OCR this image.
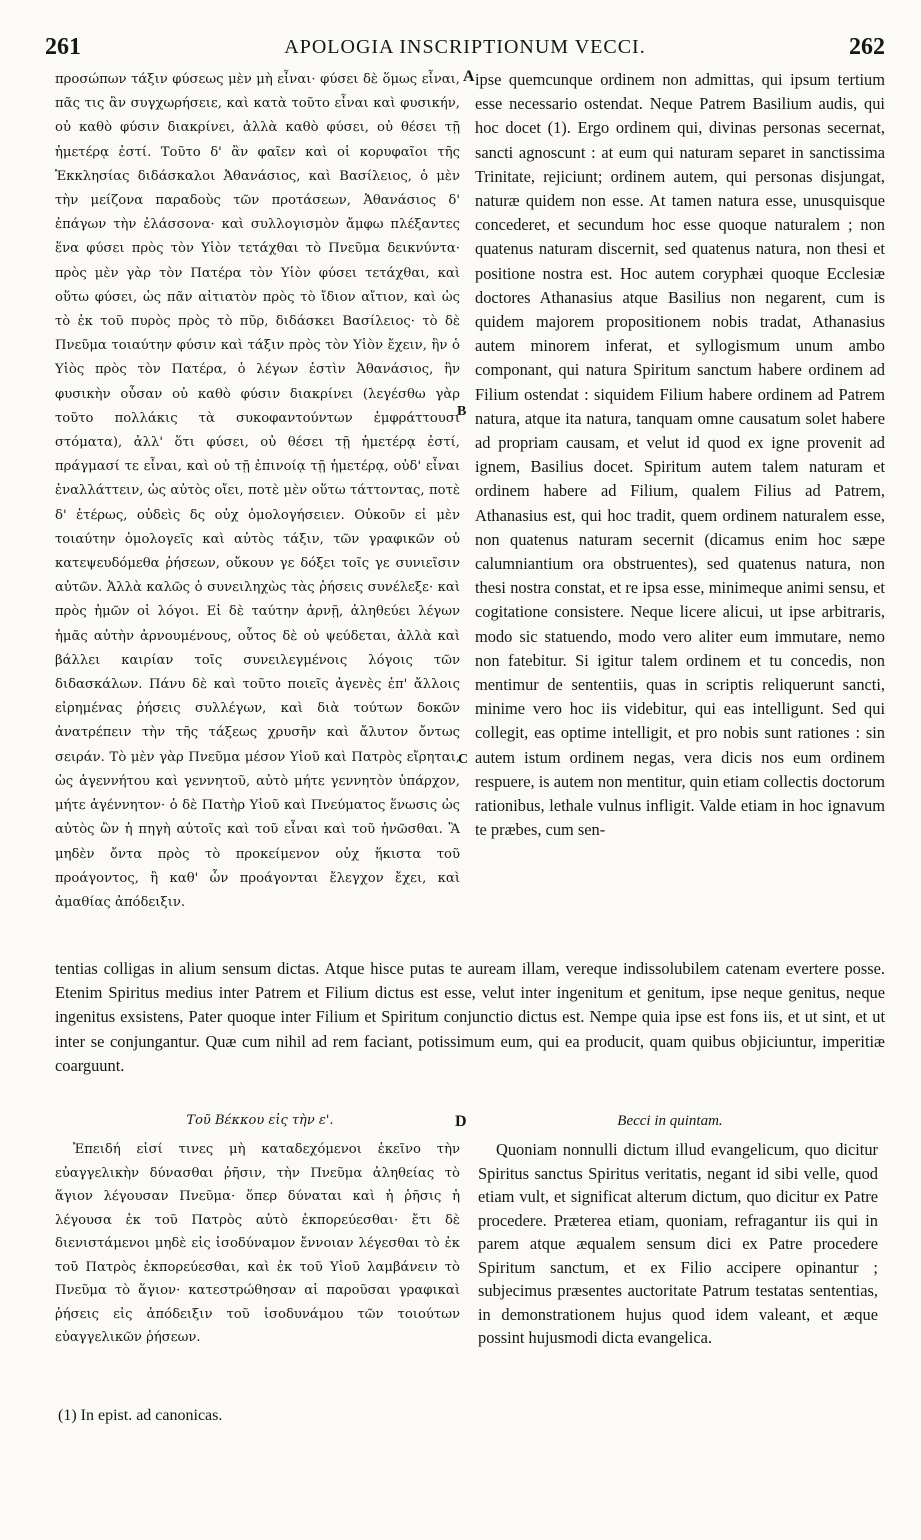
261	APOLOGIA INSCRIPTIONUM VECCI.	262
A
B
C
D

προσώπων τάξιν φύσεως μὲν μὴ εἶναι· φύσει δὲ ὅμως εἶναι, πᾶς τις ἂν συγχωρήσειε, καὶ κατὰ τοῦτο εἶναι καὶ φυσικήν, οὐ καθὸ φύσιν διακρίνει, ἀλλὰ καθὸ φύσει, οὐ θέσει τῇ ἡμετέρᾳ ἐστί. Τοῦτο δ' ἂν φαῖεν καὶ οἱ κορυφαῖοι τῆς Ἐκκλησίας διδάσκαλοι Ἀθανάσιος, καὶ Βασίλειος, ὁ μὲν τὴν μείζονα παραδοὺς τῶν προτάσεων, Ἀθανάσιος δ' ἐπάγων τὴν ἐλάσσονα· καὶ συλλογισμὸν ἄμφω πλέξαντες ἕνα φύσει πρὸς τὸν Υἱὸν τετάχθαι τὸ Πνεῦμα δεικνύντα· πρὸς μὲν γὰρ τὸν Πατέρα τὸν Υἱὸν φύσει τετάχθαι, καὶ οὕτω φύσει, ὡς πᾶν αἰτιατὸν πρὸς τὸ ἴδιον αἴτιον, καὶ ὡς τὸ ἐκ τοῦ πυρὸς πρὸς τὸ πῦρ, διδάσκει Βασίλειος· τὸ δὲ Πνεῦμα τοιαύτην φύσιν καὶ τάξιν πρὸς τὸν Υἱὸν ἔχειν, ἣν ὁ Υἱὸς πρὸς τὸν Πατέρα, ὁ λέγων ἐστὶν Ἀθανάσιος, ἣν φυσικὴν οὖσαν οὐ καθὸ φύσιν διακρίνει (λεγέσθω γὰρ τοῦτο πολλάκις τὰ συκοφαντούντων ἐμφράττουσι στόματα), ἀλλ' ὅτι φύσει, οὐ θέσει τῇ ἡμετέρᾳ ἐστί, πράγμασί τε εἶναι, καὶ οὐ τῇ ἐπινοίᾳ τῇ ἡμετέρᾳ, οὐδ' εἶναι ἐναλλάττειν, ὡς αὐτὸς οἴει, ποτὲ μὲν οὕτω τάττοντας, ποτὲ δ' ἑτέρως, οὐδεὶς δς οὐχ ὁμολογήσειεν. Οὐκοῦν εἰ μὲν τοιαύτην ὁμολογεῖς καὶ αὐτὸς τάξιν, τῶν γραφικῶν οὐ κατεψευδόμεθα ῥήσεων, οὔκουν γε δόξει τοῖς γε συνιεῖσιν αὐτῶν. Ἀλλὰ καλῶς ὁ συνειληχὼς τὰς ῥήσεις συνέλεξε· καὶ πρὸς ἡμῶν οἱ λόγοι. Εἰ δὲ ταύτην ἀρνῇ, ἀληθεύει λέγων ἡμᾶς αὐτὴν ἀρνουμένους, οὗτος δὲ οὐ ψεύδεται, ἀλλὰ καὶ βάλλει καιρίαν τοῖς συνειλεγμένοις λόγοις τῶν διδασκάλων. Πάνυ δὲ καὶ τοῦτο ποιεῖς ἀγενὲς ἐπ' ἄλλοις εἰρημένας ῥήσεις συλλέγων, καὶ διὰ τούτων δοκῶν ἀνατρέπειν τὴν τῆς τάξεως χρυσῆν καὶ ἄλυτον ὄντως σειράν. Τὸ μὲν γὰρ Πνεῦμα μέσον Υἱοῦ καὶ Πατρὸς εἴρηται, ὡς ἀγεννήτου καὶ γεννητοῦ, αὐτὸ μήτε γεννητὸν ὑπάρχον, μήτε ἀγέννητον· ὁ δὲ Πατὴρ Υἱοῦ καὶ Πνεύματος ἕνωσις ὡς αὐτὸς ὢν ἡ πηγὴ αὐτοῖς καὶ τοῦ εἶναι καὶ τοῦ ἡνῶσθαι. Ἃ μηδὲν ὄντα πρὸς τὸ προκείμενον οὐχ ἥκιστα τοῦ προάγοντος, ἢ καθ' ὧν προάγονται ἔλεγχον ἔχει, καὶ ἀμαθίας ἀπόδειξιν.

ipse quemcunque ordinem non admittas, qui ipsum tertium esse necessario ostendat. Neque Patrem Basilium audis, qui hoc docet (1). Ergo ordinem qui, divinas personas secernat, sancti agnoscunt : at eum qui naturam separet in sanctissima Trinitate, rejiciunt; ordinem autem, qui personas disjungat, naturæ quidem non esse. At tamen natura esse, unusquisque concederet, et secundum hoc esse quoque naturalem ; non quatenus naturam discernit, sed quatenus natura, non thesi et positione nostra est. Hoc autem coryphæi quoque Ecclesiæ doctores Athanasius atque Basilius non negarent, cum is quidem majorem propositionem nobis tradat, Athanasius autem minorem inferat, et syllogismum unum ambo componant, qui natura Spiritum sanctum habere ordinem ad Filium ostendat : siquidem Filium habere ordinem ad Patrem natura, atque ita natura, tanquam omne causatum solet habere ad propriam causam, et velut id quod ex igne provenit ad ignem, Basilius docet. Spiritum autem talem naturam et ordinem habere ad Filium, qualem Filius ad Patrem, Athanasius est, qui hoc tradit, quem ordinem naturalem esse, non quatenus naturam secernit (dicamus enim hoc sæpe calumniantium ora obstruentes), sed quatenus natura, non thesi nostra constat, et re ipsa esse, minimeque animi sensu, et cogitatione consistere. Neque licere alicui, ut ipse arbitraris, modo sic statuendo, modo vero aliter eum immutare, nemo non fatebitur. Si igitur talem ordinem et tu concedis, non mentimur de sententiis, quas in scriptis reliquerunt sancti, minime vero hoc iis videbitur, qui eas intelligunt. Sed qui collegit, eas optime intelligit, et pro nobis sunt rationes : sin autem istum ordinem negas, vera dicis nos eum ordinem respuere, is autem non mentitur, quin etiam collectis doctorum rationibus, lethale vulnus infligit. Valde etiam in hoc ignavum te præbes, cum sen-

tentias colligas in alium sensum dictas. Atque hisce putas te auream illam, vereque indissolubilem catenam evertere posse. Etenim Spiritus medius inter Patrem et Filium dictus est esse, velut inter ingenitum et genitum, ipse neque genitus, neque ingenitus exsistens, Pater quoque inter Filium et Spiritum conjunctio dictus est. Nempe quia ipse est fons iis, et ut sint, et ut inter se conjungantur. Quæ cum nihil ad rem faciant, potissimum eum, qui ea producit, quam quibus objiciuntur, imperitiæ coarguunt.

Τοῦ Βέκκου εἰς τὴν ε'.	Becci in quintam.

Ἐπειδή εἰσί τινες μὴ καταδεχόμενοι ἐκεῖνο τὴν εὐαγγελικὴν δύνασθαι ῥῆσιν, τὴν Πνεῦμα ἀληθείας τὸ ἅγιον λέγουσαν Πνεῦμα· ὅπερ δύναται καὶ ἡ ῥῆσις ἡ λέγουσα ἐκ τοῦ Πατρὸς αὐτὸ ἐκπορεύεσθαι· ἔτι δὲ διενιστάμενοι μηδὲ εἰς ἰσοδύναμον ἔννοιαν λέγεσθαι τὸ ἐκ τοῦ Πατρὸς ἐκπορεύεσθαι, καὶ ἐκ τοῦ Υἱοῦ λαμβάνειν τὸ Πνεῦμα τὸ ἅγιον· κατεστρώθησαν αἱ παροῦσαι γραφικαὶ ῥήσεις εἰς ἀπόδειξιν τοῦ ἰσοδυνάμου τῶν τοιούτων εὐαγγελικῶν ῥήσεων.

Quoniam nonnulli dictum illud evangelicum, quo dicitur Spiritus sanctus Spiritus veritatis, negant id sibi velle, quod etiam vult, et significat alterum dictum, quo dicitur ex Patre procedere. Præterea etiam, quoniam, refragantur iis qui in parem atque æqualem sensum dici ex Patre procedere Spiritum sanctum, et ex Filio accipere opinantur ; subjecimus præsentes auctoritate Patrum testatas sententias, in demonstrationem hujus quod idem valeant, et æque possint hujusmodi dicta evangelica.

(1) In epist. ad canonicas.
